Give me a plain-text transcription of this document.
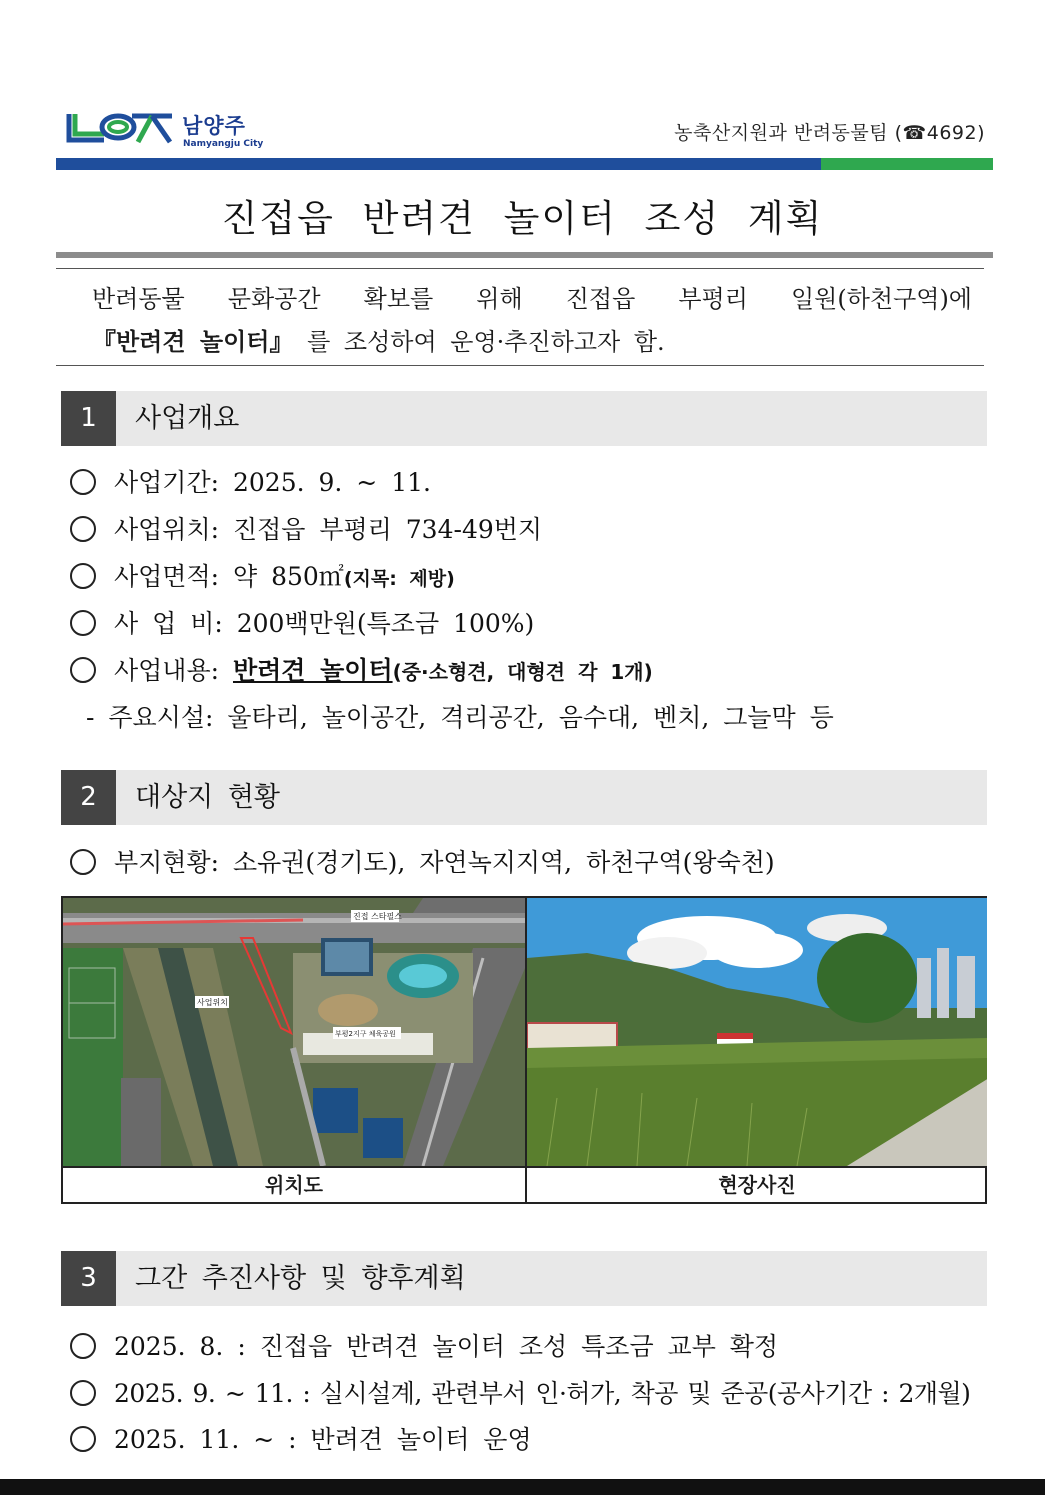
남양주
Namyangju City	농축산지원과 반려동물팀 (☎4692)
진접읍 반려견 놀이터 조성 계획
반려동물 문화공간 확보를 위해 진접읍 부평리 일원(하천구역)에
『반려견 놀이터』 를 조성하여 운영·추진하고자 함.
1	사업개요
사업기간: 2025. 9. ~ 11.
사업위치: 진접읍 부평리 734-49번지
사업면적: 약 850㎡(지목: 제방)
사 업 비: 200백만원(특조금 100%)
사업내용: 반려견 놀이터(중·소형견, 대형견 각 1개)
- 주요시설: 울타리, 놀이공간, 격리공간, 음수대, 벤치, 그늘막 등
2	대상지 현황
부지현황: 소유권(경기도), 자연녹지지역, 하천구역(왕숙천)
진접 스타필스
사업위치
부평2지구 체육공원
위치도	현장사진
3	그간 추진사항 및 향후계획
2025. 8. : 진접읍 반려견 놀이터 조성 특조금 교부 확정
2025. 9. ~ 11. : 실시설계, 관련부서 인·허가, 착공 및 준공(공사기간 : 2개월)
2025. 11. ~ : 반려견 놀이터 운영
